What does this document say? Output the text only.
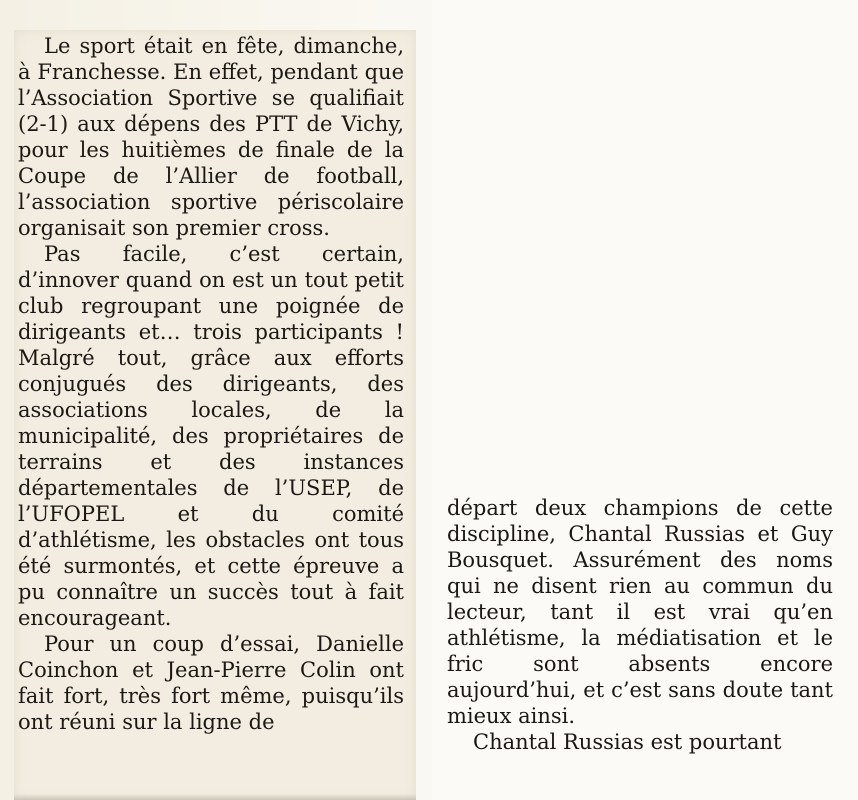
Le sport était en fête, dimanche, à Franchesse. En effet, pendant que l’Association Sportive se qualifiait (2-1) aux dépens des PTT de Vichy, pour les huitièmes de finale de la Coupe de l’Allier de football, l’association sportive périscolaire organisait son premier cross.

Pas facile, c’est certain, d’innover quand on est un tout petit club regroupant une poignée de dirigeants et… trois participants ! Malgré tout, grâce aux efforts conjugués des dirigeants, des associations locales, de la municipalité, des propriétaires de terrains et des instances départementales de l’USEP, de l’UFOPEL et du comité d’athlétisme, les obstacles ont tous été surmontés, et cette épreuve a pu connaître un succès tout à fait encourageant.

Pour un coup d’essai, Danielle Coinchon et Jean-Pierre Colin ont fait fort, très fort même, puisqu’ils ont réuni sur la ligne de

départ deux champions de cette discipline, Chantal Russias et Guy Bousquet. Assurément des noms qui ne disent rien au commun du lecteur, tant il est vrai qu’en athlétisme, la médiatisation et le fric sont absents encore aujourd’hui, et c’est sans doute tant mieux ainsi.

Chantal Russias est pourtant
